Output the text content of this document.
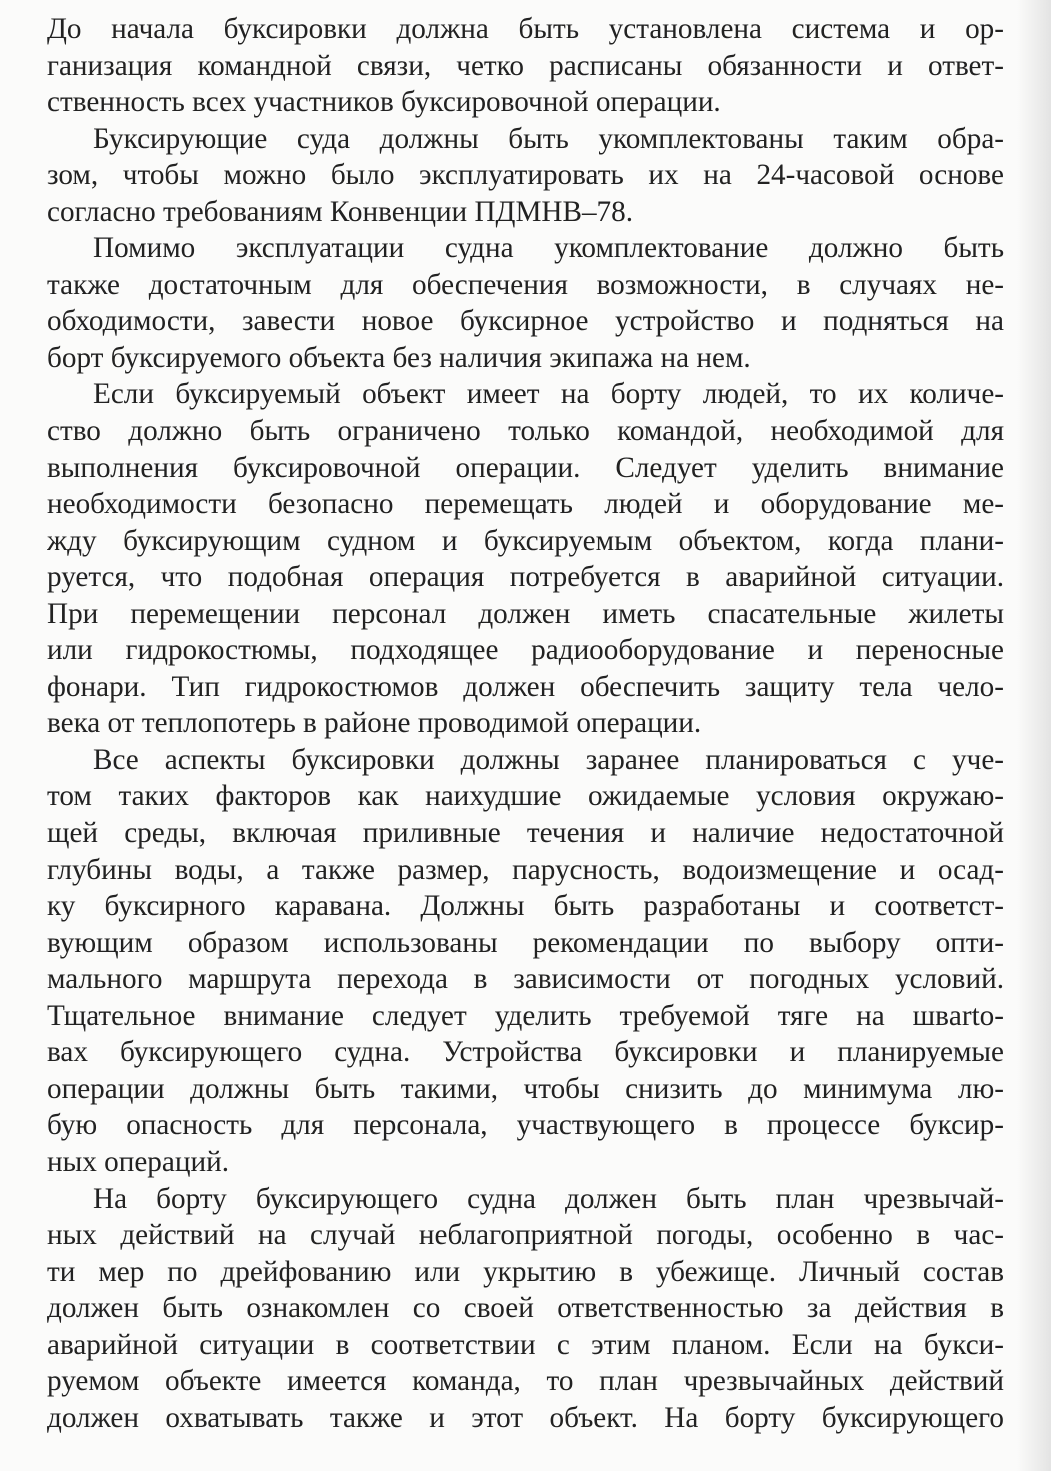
До начала буксировки должна быть установлена система и ор-
ганизация командной связи, четко расписаны обязанности и ответ-
ственность всех участников буксировочной операции.
Буксирующие суда должны быть укомплектованы таким обра-
зом, чтобы можно было эксплуатировать их на 24-часовой основе
согласно требованиям Конвенции ПДМНВ–78.
Помимо эксплуатации судна укомплектование должно быть
также достаточным для обеспечения возможности, в случаях не-
обходимости, завести новое буксирное устройство и подняться на
борт буксируемого объекта без наличия экипажа на нем.
Если буксируемый объект имеет на борту людей, то их количе-
ство должно быть ограничено только командой, необходимой для
выполнения буксировочной операции. Следует уделить внимание
необходимости безопасно перемещать людей и оборудование ме-
жду буксирующим судном и буксируемым объектом, когда плани-
руется, что подобная операция потребуется в аварийной ситуации.
При перемещении персонал должен иметь спасательные жилеты
или гидрокостюмы, подходящее радиооборудование и переносные
фонари. Тип гидрокостюмов должен обеспечить защиту тела чело-
века от теплопотерь в районе проводимой операции.
Все аспекты буксировки должны заранее планироваться с уче-
том таких факторов как наихудшие ожидаемые условия окружаю-
щей среды, включая приливные течения и наличие недостаточной
глубины воды, а также размер, парусность, водоизмещение и осад-
ку буксирного каравана. Должны быть разработаны и соответст-
вующим образом использованы рекомендации по выбору опти-
мального маршрута перехода в зависимости от погодных условий.
Тщательное внимание следует уделить требуемой тяге на швarto-
вах буксирующего судна. Устройства буксировки и планируемые
операции должны быть такими, чтобы снизить до минимума лю-
бую опасность для персонала, участвующего в процессе буксир-
ных операций.
На борту буксирующего судна должен быть план чрезвычай-
ных действий на случай неблагоприятной погоды, особенно в час-
ти мер по дрейфованию или укрытию в убежище. Личный состав
должен быть ознакомлен со своей ответственностью за действия в
аварийной ситуации в соответствии с этим планом. Если на букси-
руемом объекте имеется команда, то план чрезвычайных действий
должен охватывать также и этот объект. На борту буксирующего
